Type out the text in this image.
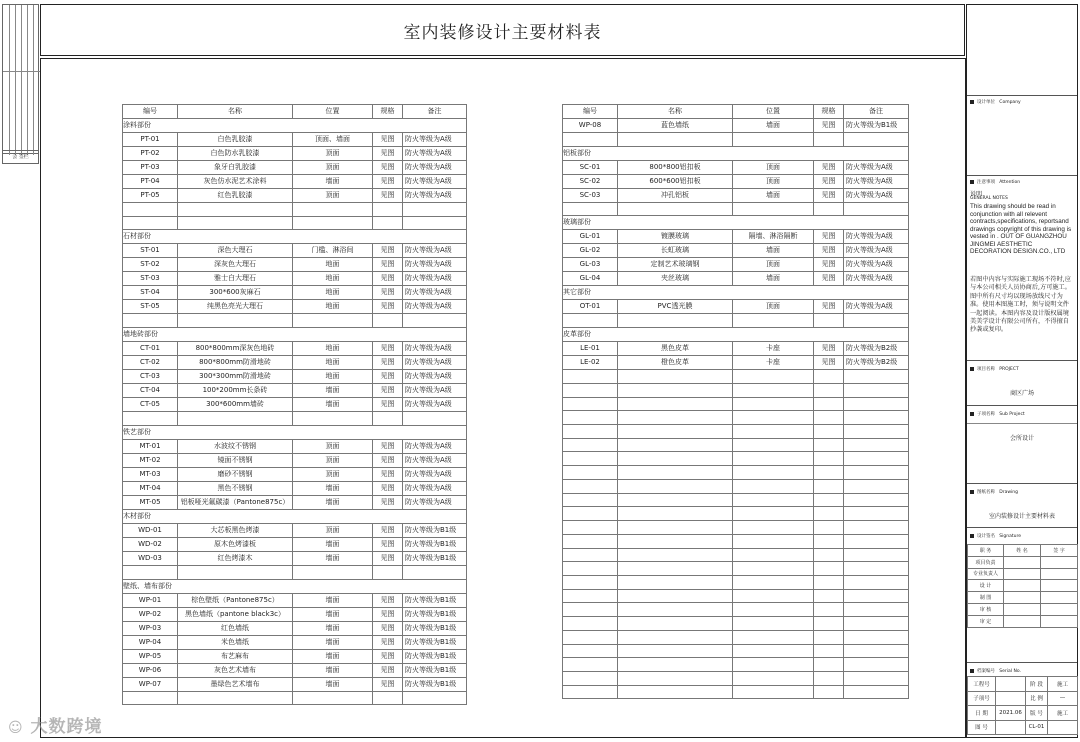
会 签栏
室内装修设计主要材料表
编号	名称	位置	规格	备注
涂料部份				
PT-01	白色乳胶漆	顶面、墙面	见图	防火等级为A级
PT-02	白色防水乳胶漆	顶面	见图	防火等级为A级
PT-03	象牙白乳胶漆	顶面	见图	防火等级为A级
PT-04	灰色仿水泥艺术涂料	墙面	见图	防火等级为A级
PT-05	红色乳胶漆	顶面	见图	防火等级为A级

石材部份				
ST-01	深色大理石	门槛、淋浴间	见图	防火等级为A级
ST-02	深灰色大理石	地面	见图	防火等级为A级
ST-03	雅士白大理石	地面	见图	防火等级为A级
ST-04	300*600灰麻石	地面	见图	防火等级为A级
ST-05	纯黑色亮光大理石	地面	见图	防火等级为A级

墙地砖部份				
CT-01	800*800mm深灰色地砖	地面	见图	防火等级为A级
CT-02	800*800mm防滑地砖	地面	见图	防火等级为A级
CT-03	300*300mm防滑地砖	地面	见图	防火等级为A级
CT-04	100*200mm长条砖	墙面	见图	防火等级为A级
CT-05	300*600mm墙砖	墙面	见图	防火等级为A级

铁艺部份				
MT-01	水波纹不锈钢	顶面	见图	防火等级为A级
MT-02	镜面不锈钢	顶面	见图	防火等级为A级
MT-03	磨砂不锈钢	顶面	见图	防火等级为A级
MT-04	黑色不锈钢	墙面	见图	防火等级为A级
MT-05	铝板哑光氟碳漆（Pantone875c）	墙面	见图	防火等级为A级
木材部份				
WD-01	大芯板黑色烤漆	顶面	见图	防火等级为B1级
WD-02	原木色烤漆板	墙面	见图	防火等级为B1级
WD-03	红色烤漆木	墙面	见图	防火等级为B1级

壁纸、墙布部份				
WP-01	棕色壁纸（Pantone875c）	墙面	见图	防火等级为B1级
WP-02	黑色墙纸（pantone black3c）	墙面	见图	防火等级为B1级
WP-03	红色墙纸	墙面	见图	防火等级为B1级
WP-04	米色墙纸	墙面	见图	防火等级为B1级
WP-05	布艺麻布	墙面	见图	防火等级为B1级
WP-06	灰色艺术墙布	墙面	见图	防火等级为B1级
WP-07	墨绿色艺术墙布	墙面	见图	防火等级为B1级

编号	名称	位置	规格	备注
WP-08	蓝色墙纸	墙面	见图	防火等级为B1级

铝板部份				
SC-01	800*800铝扣板	顶面	见图	防火等级为A级
SC-02	600*600铝扣板	顶面	见图	防火等级为A级
SC-03	冲孔铝板	墙面	见图	防火等级为A级

玻璃部份				
GL-01	镀膜玻璃	隔墙、淋浴隔断	见图	防火等级为A级
GL-02	长虹玻璃	墙面	见图	防火等级为A级
GL-03	定制艺术玻璃钢	顶面	见图	防火等级为A级
GL-04	夹丝玻璃	墙面	见图	防火等级为A级
其它部份				
OT-01	PVC透光膜	顶面	见图	防火等级为A级

皮革部份				
LE-01	黑色皮革	卡座	见图	防火等级为B2级
LE-02	橙色皮革	卡座	见图	防火等级为B2级

设计单位 Company
注意事项 Attention
说明
GENERAL NOTES
This drawing should be read in conjunction with all relevent contracts,specifications, reportsand drawings copyright of this drawing is vested in . OUT OF GUANGZHOU JINGMEI AESTHETIC DECORATION DESIGN.CO., LTD
若图中内容与实际施工现场不符时,应与本公司相关人员协商后,方可施工。图中所有尺寸均以现场放线尺寸为准。使用本图施工时，须与说明文件一起阅读。本图内容及设计版权属境美美学设计有限公司所有，不得擅自抄袭或复印。
项目名称 PROJECT
商区广场
子项名称 Sub Project
会所设计
图纸名称 Drawing
室内装修设计主要材料表
设计签名 Signature
职 务	姓 名	签 字
项目负责		
专业负责人		
设 计		
制 图		
审 核		
审 定		
档案编号 Serial No.
工程号		阶 段	施工
子项号		比 例	—
日 期	2021.06	版 号	施工
图 号		CL-01	
☺ 大数跨境
